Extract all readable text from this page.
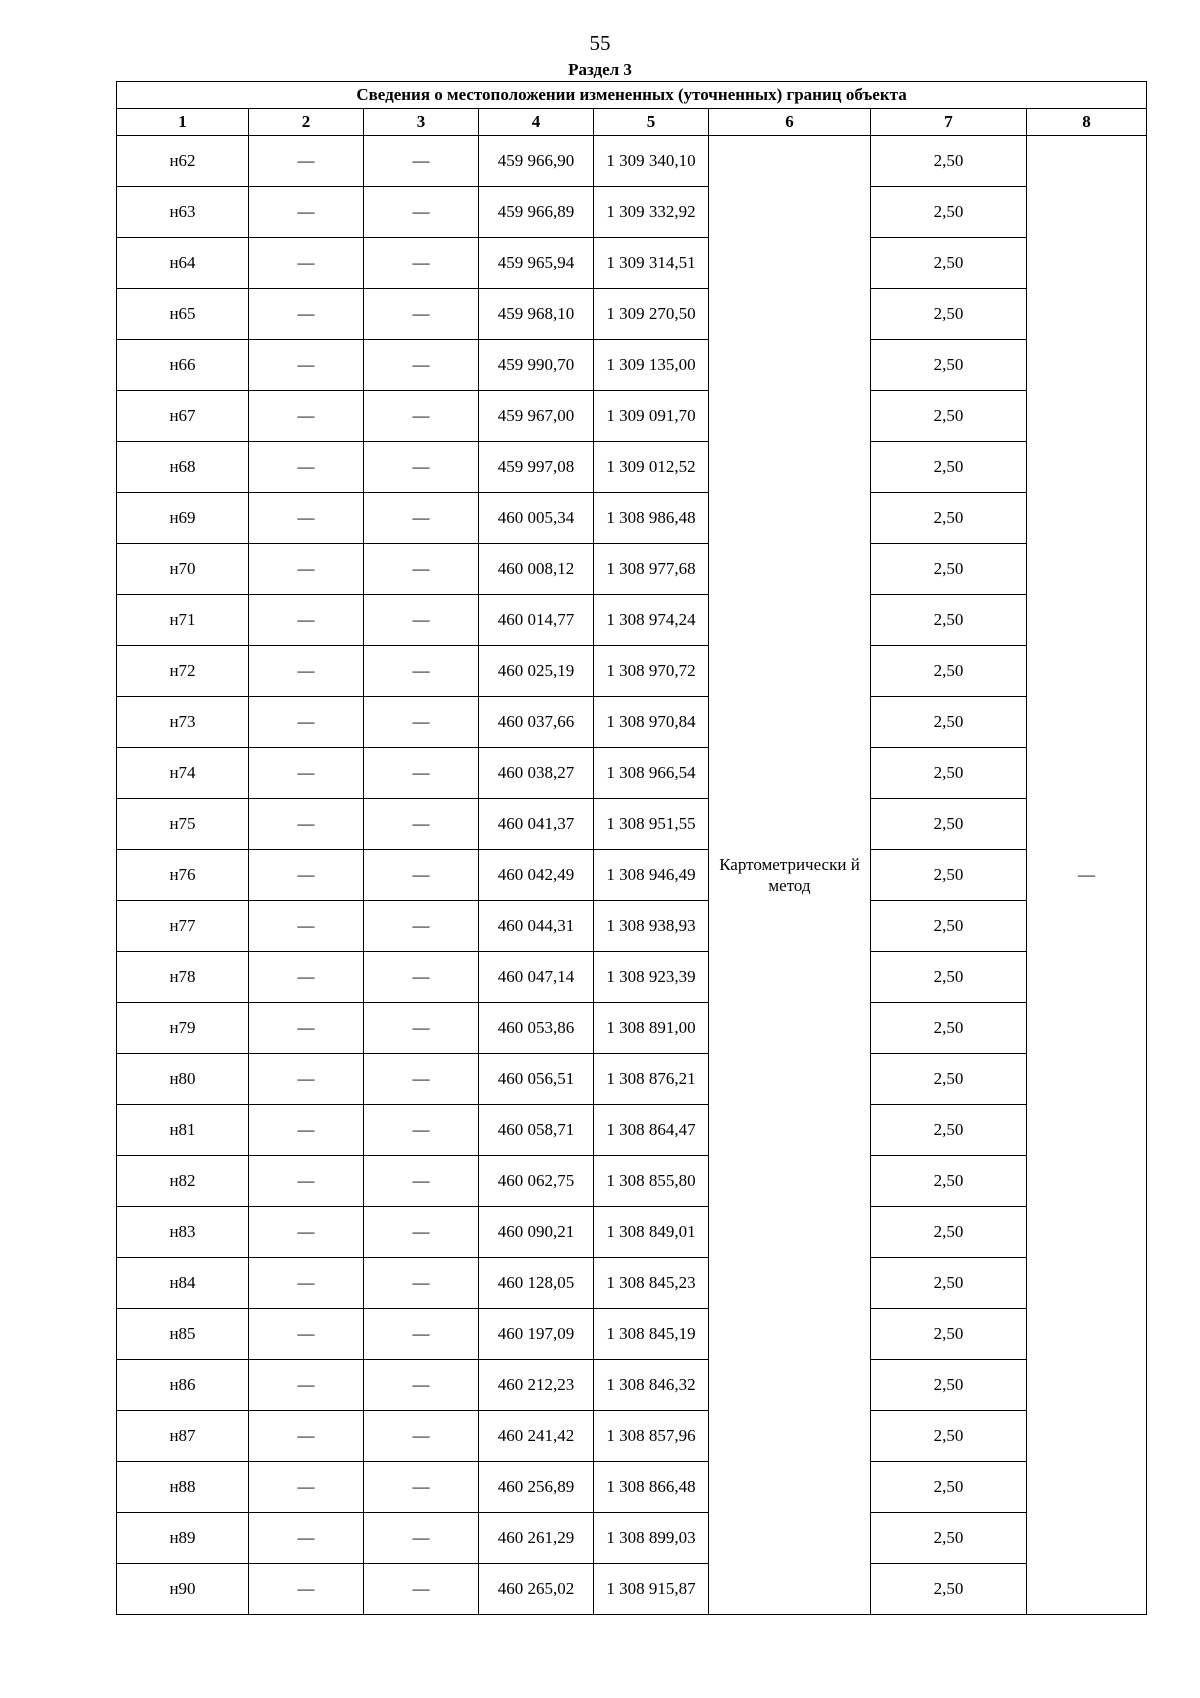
55
Раздел 3
Сведения о местоположении измененных (уточненных) границ объекта							
1	2	3	4	5	6	7	8
н62	—	—	459 966,90	1 309 340,10	Картометрически й метод	2,50	—
н63	—	—	459 966,89	1 309 332,92		2,50	
н64	—	—	459 965,94	1 309 314,51		2,50	
н65	—	—	459 968,10	1 309 270,50		2,50	
н66	—	—	459 990,70	1 309 135,00		2,50	
н67	—	—	459 967,00	1 309 091,70		2,50	
н68	—	—	459 997,08	1 309 012,52		2,50	
н69	—	—	460 005,34	1 308 986,48		2,50	
н70	—	—	460 008,12	1 308 977,68		2,50	
н71	—	—	460 014,77	1 308 974,24		2,50	
н72	—	—	460 025,19	1 308 970,72		2,50	
н73	—	—	460 037,66	1 308 970,84		2,50	
н74	—	—	460 038,27	1 308 966,54		2,50	
н75	—	—	460 041,37	1 308 951,55		2,50	
н76	—	—	460 042,49	1 308 946,49		2,50	
н77	—	—	460 044,31	1 308 938,93		2,50	
н78	—	—	460 047,14	1 308 923,39		2,50	
н79	—	—	460 053,86	1 308 891,00		2,50	
н80	—	—	460 056,51	1 308 876,21		2,50	
н81	—	—	460 058,71	1 308 864,47		2,50	
н82	—	—	460 062,75	1 308 855,80		2,50	
н83	—	—	460 090,21	1 308 849,01		2,50	
н84	—	—	460 128,05	1 308 845,23		2,50	
н85	—	—	460 197,09	1 308 845,19		2,50	
н86	—	—	460 212,23	1 308 846,32		2,50	
н87	—	—	460 241,42	1 308 857,96		2,50	
н88	—	—	460 256,89	1 308 866,48		2,50	
н89	—	—	460 261,29	1 308 899,03		2,50	
н90	—	—	460 265,02	1 308 915,87		2,50	
